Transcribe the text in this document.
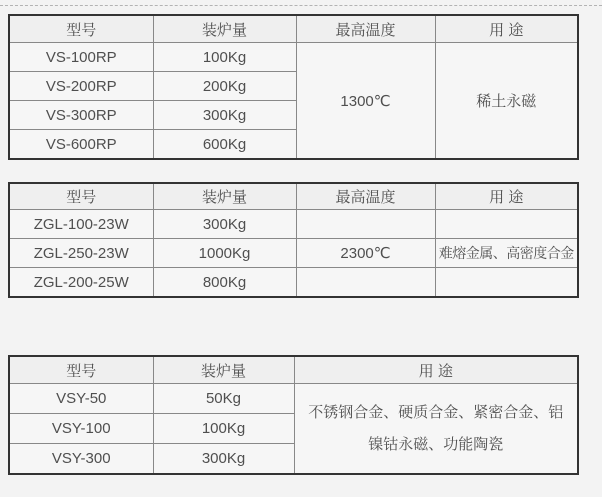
型号	装炉量	最高温度	用 途
VS-100RP	100Kg	1300℃	稀土永磁
VS-200RP	200Kg		
VS-300RP	300Kg		
VS-600RP	600Kg		
型号	装炉量	最高温度	用 途
ZGL-100-23W	300Kg		
ZGL-250-23W	1000Kg	2300℃	难熔金属、高密度合金
ZGL-200-25W	800Kg		
型号	装炉量	用 途
VSY-50	50Kg	不锈钢合金、硬质合金、紧密合金、铝镍钴永磁、功能陶瓷
VSY-100	100Kg	
VSY-300	300Kg	
